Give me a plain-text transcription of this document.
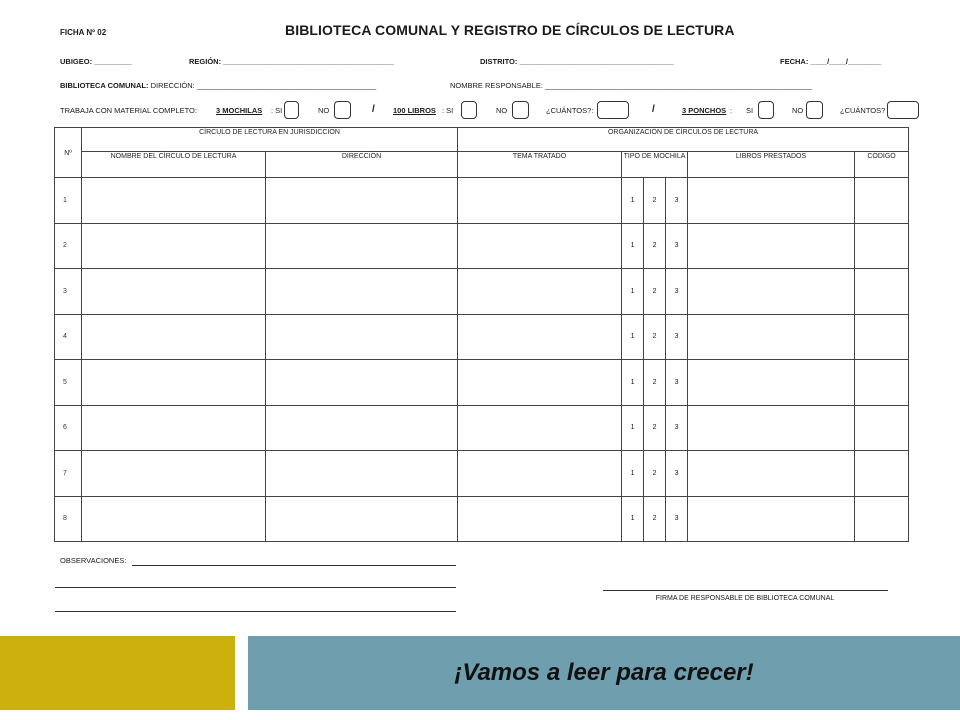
FICHA Nº 02	BIBLIOTECA COMUNAL Y REGISTRO DE CÍRCULOS DE LECTURA
UBIGEO: _________	REGIÓN: _________________________________________	DISTRITO: _____________________________________	FECHA: ____/____/________
BIBLIOTECA COMUNAL: DIRECCIÓN: ___________________________________________	NOMBRE RESPONSABLE: ________________________________________________________________
TRABAJA CON MATERIAL COMPLETO:	3 MOCHILAS : SI	NO	/ 100 LIBROS : SI	NO	¿CUÁNTOS?:	/	3 PONCHOS : SI	NO	¿CUÁNTOS?
Nº	CÍRCULO DE LECTURA EN JURISDICCIÓN		ORGANIZACIÓN DE CÍRCULOS DE LECTURA					
	NOMBRE DEL CÍRCULO DE LECTURA	DIRECCIÓN	TEMA TRATADO	TIPO DE MOCHILA			LIBROS PRESTADOS	CÓDIGO
1				1	2	3		
2				1	2	3		
3				1	2	3		
4				1	2	3		
5				1	2	3		
6				1	2	3		
7				1	2	3		
8				1	2	3		
OBSERVACIONES:
FIRMA DE RESPONSABLE DE BIBLIOTECA COMUNAL
¡Vamos a leer para crecer!
